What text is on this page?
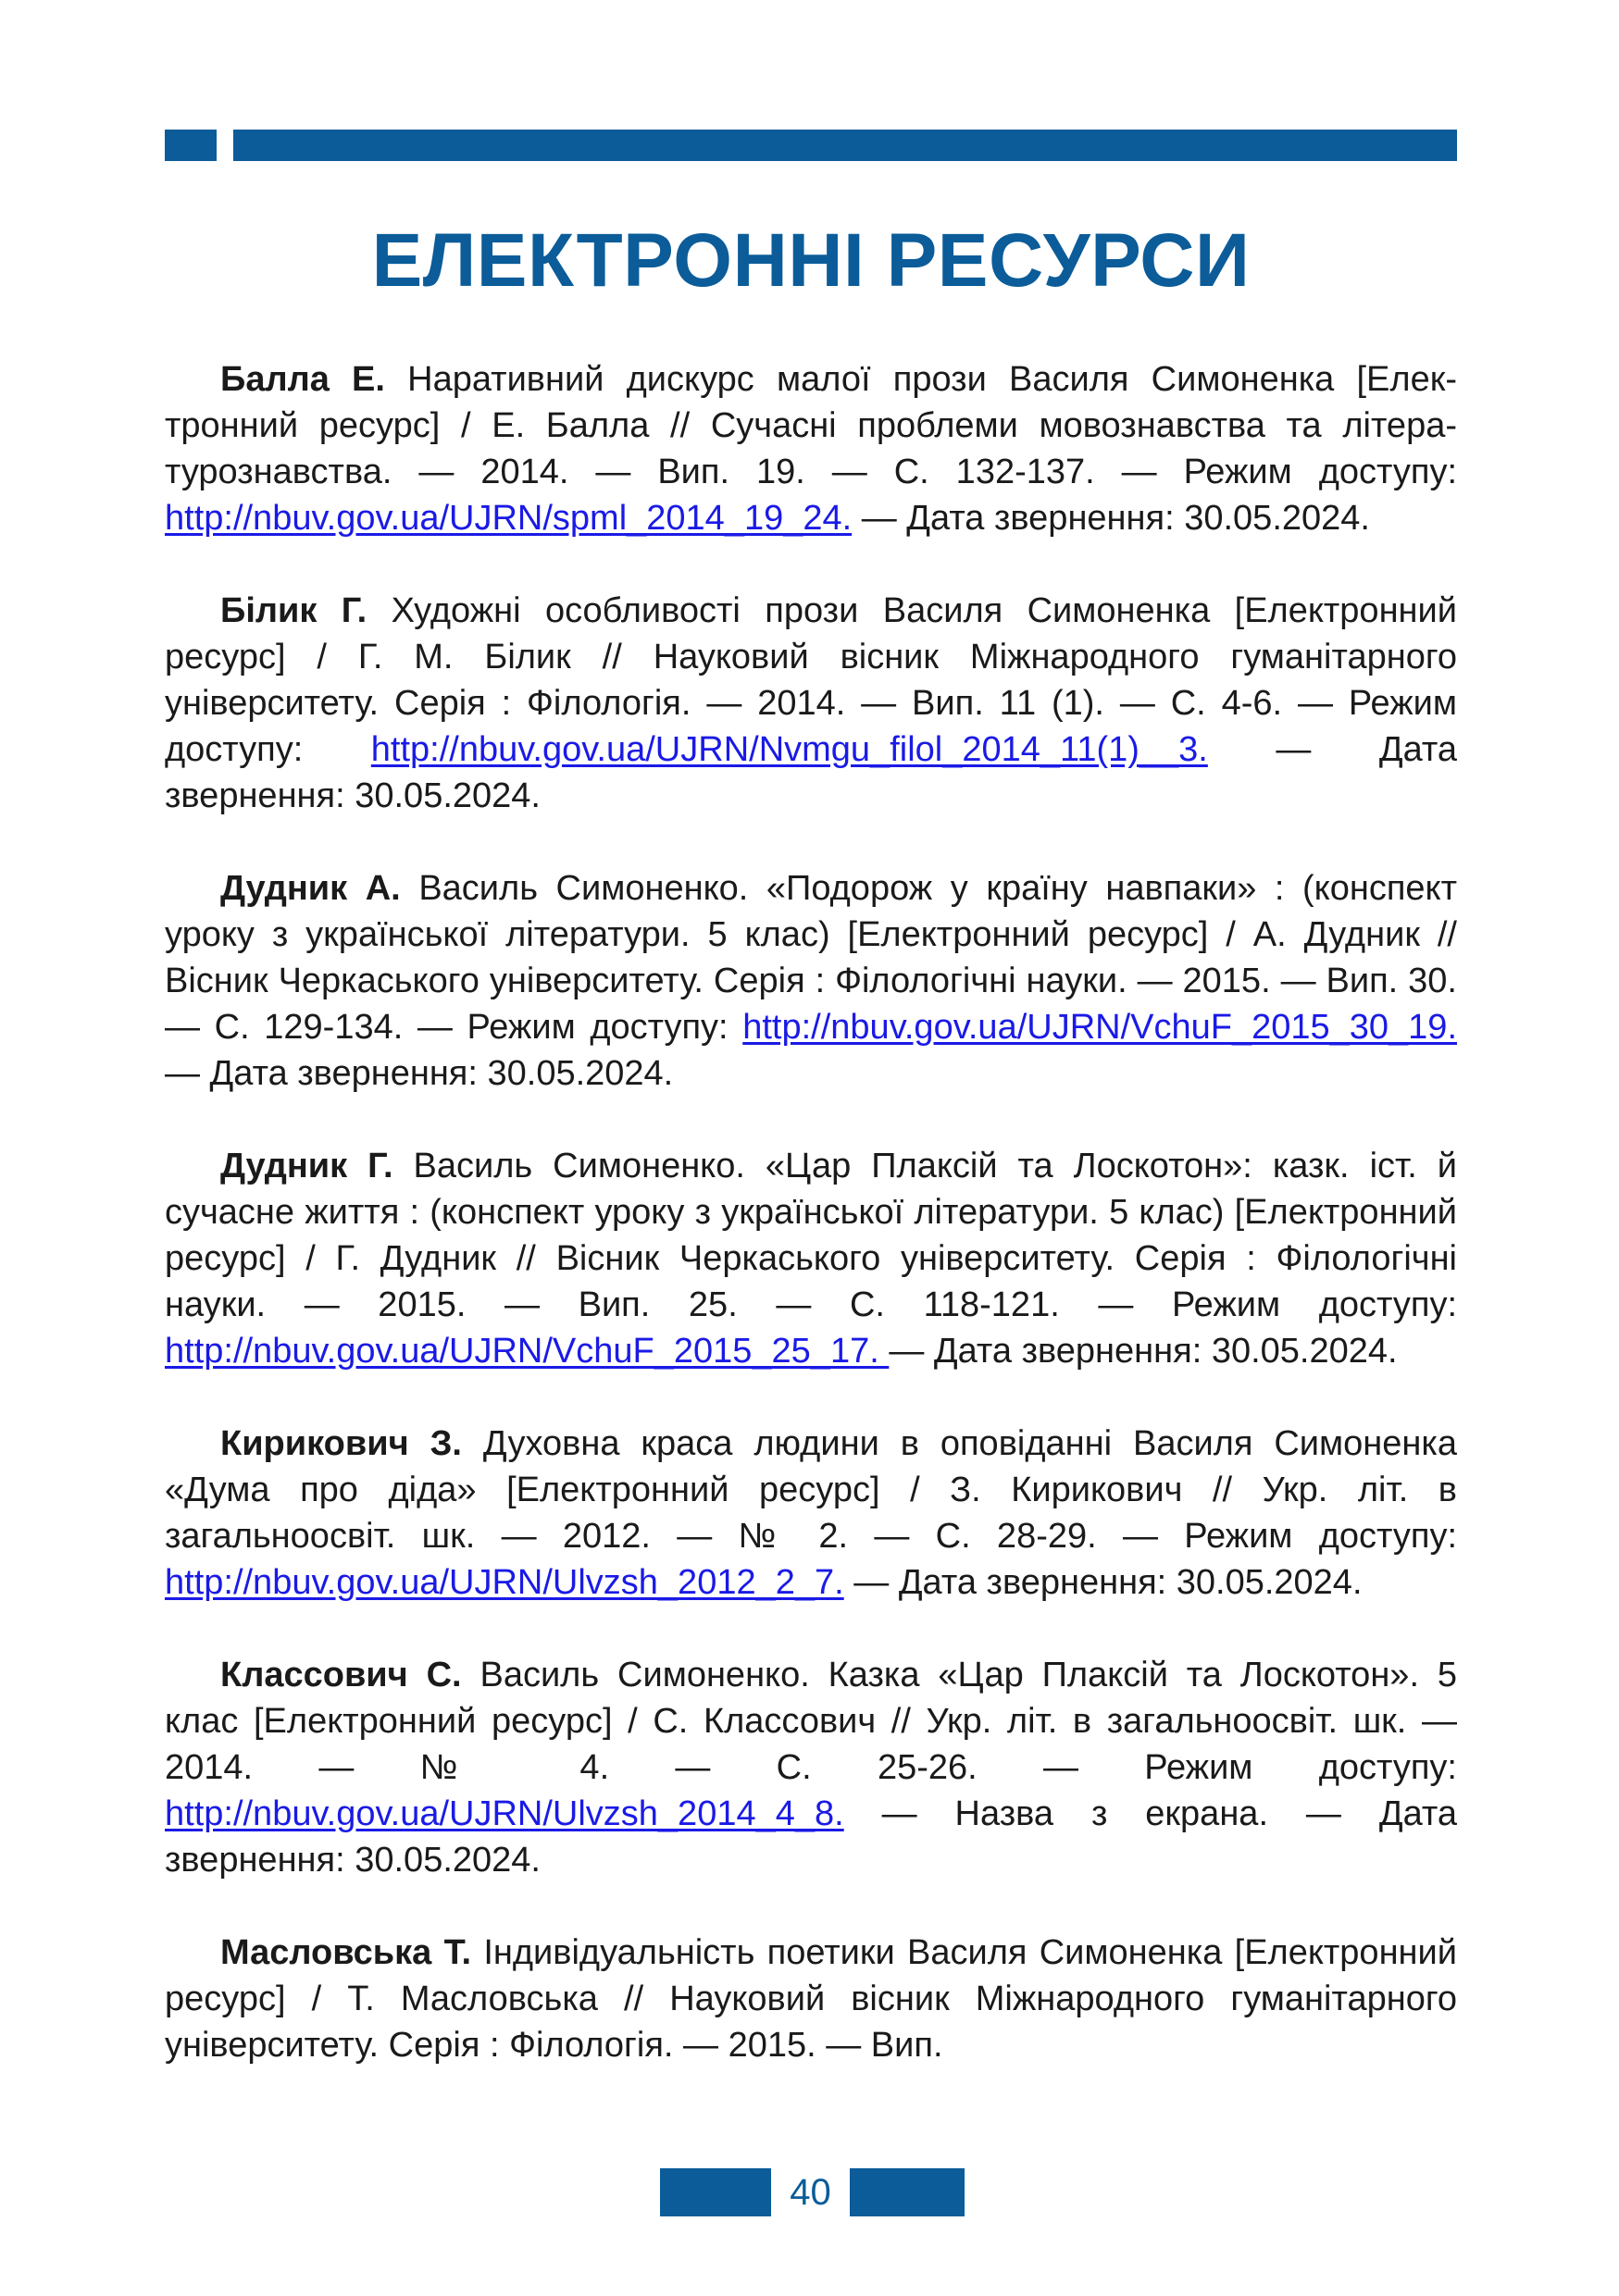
ЕЛЕКТРОННІ РЕСУРСИ

Балла Е. Наративний дискурс малої прози Василя Симоненка [Електронний ресурс] / Е. Балла // Сучасні проблеми мовознавства та літературознавства. — 2014. — Вип. 19. — С. 132-137. — Режим доступу: http://nbuv.gov.ua/UJRN/spml_2014_19_24. — Дата звернення: 30.05.2024.

Білик Г. Художні особливості прози Василя Симоненка [Електронний ресурс] / Г. М. Білик // Науковий вісник Міжнародного гуманітарного університету. Серія : Філологія. — 2014. — Вип. 11 (1). — С. 4-6. — Режим доступу: http://nbuv.gov.ua/UJRN/Nvmgu_filol_2014_11(1)__3. — Дата звернення: 30.05.2024.

Дудник А. Василь Симоненко. «Подорож у країну навпаки» : (конспект уроку з української літератури. 5 клас) [Електронний ресурс] / А. Дудник // Вісник Черкаського університету. Серія : Філологічні науки. — 2015. — Вип. 30. — С. 129-134. — Режим доступу: http://nbuv.gov.ua/UJRN/VchuF_2015_30_19. — Дата звернення: 30.05.2024.

Дудник Г. Василь Симоненко. «Цар Плаксій та Лоскотон»: казк. іст. й сучасне життя : (конспект уроку з української літератури. 5 клас) [Електронний ресурс] / Г. Дудник // Вісник Черкаського університету. Серія : Філологічні науки. — 2015. — Вип. 25. — С. 118-121. — Режим доступу: http://nbuv.gov.ua/UJRN/VchuF_2015_25_17. — Дата звернення: 30.05.2024.

Кирикович З. Духовна краса людини в оповіданні Василя Симоненка «Дума про діда» [Електронний ресурс] / З. Кирикович // Укр. літ. в загальноосвіт. шк. — 2012. — № 2. — С. 28-29. — Режим доступу: http://nbuv.gov.ua/UJRN/Ulvzsh_2012_2_7. — Дата звернення: 30.05.2024.

Классович С. Василь Симоненко. Казка «Цар Плаксій та Лоскотон». 5 клас [Електронний ресурс] / С. Классович // Укр. літ. в загальноосвіт. шк. — 2014. — № 4. — С. 25-26. — Режим доступу: http://nbuv.gov.ua/UJRN/Ulvzsh_2014_4_8. — Назва з екрана. — Дата звернення: 30.05.2024.

Масловська Т. Індивідуальність поетики Василя Симоненка [Електронний ресурс] / Т. Масловська // Науковий вісник Міжнародного гуманітарного університету. Серія : Філологія. — 2015. — Вип.

40
